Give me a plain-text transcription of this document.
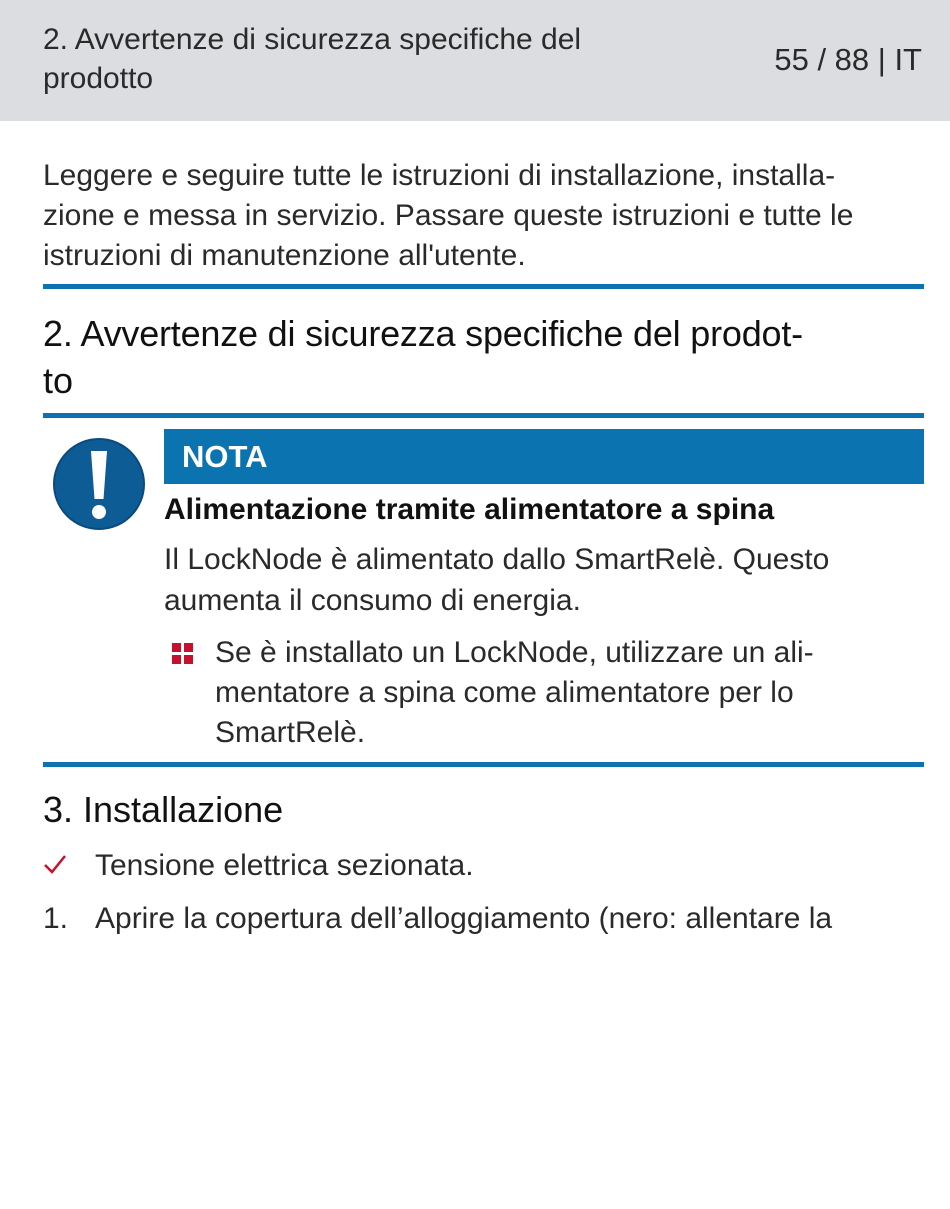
2. Avvertenze di sicurezza specifiche del
prodotto
55 / 88 | IT
Leggere e seguire tutte le istruzioni di installazione, installa-
zione e messa in servizio. Passare queste istruzioni e tutte le
istruzioni di manutenzione all'utente.
2. Avvertenze di sicurezza specifiche del prodot-
to
NOTA
Alimentazione tramite alimentatore a spina
Il LockNode è alimentato dallo SmartRelè. Questo
aumenta il consumo di energia.
Se è installato un LockNode, utilizzare un ali-
mentatore a spina come alimentatore per lo
SmartRelè.
3. Installazione
Tensione elettrica sezionata.
1. Aprire la copertura dell’alloggiamento (nero: allentare la
